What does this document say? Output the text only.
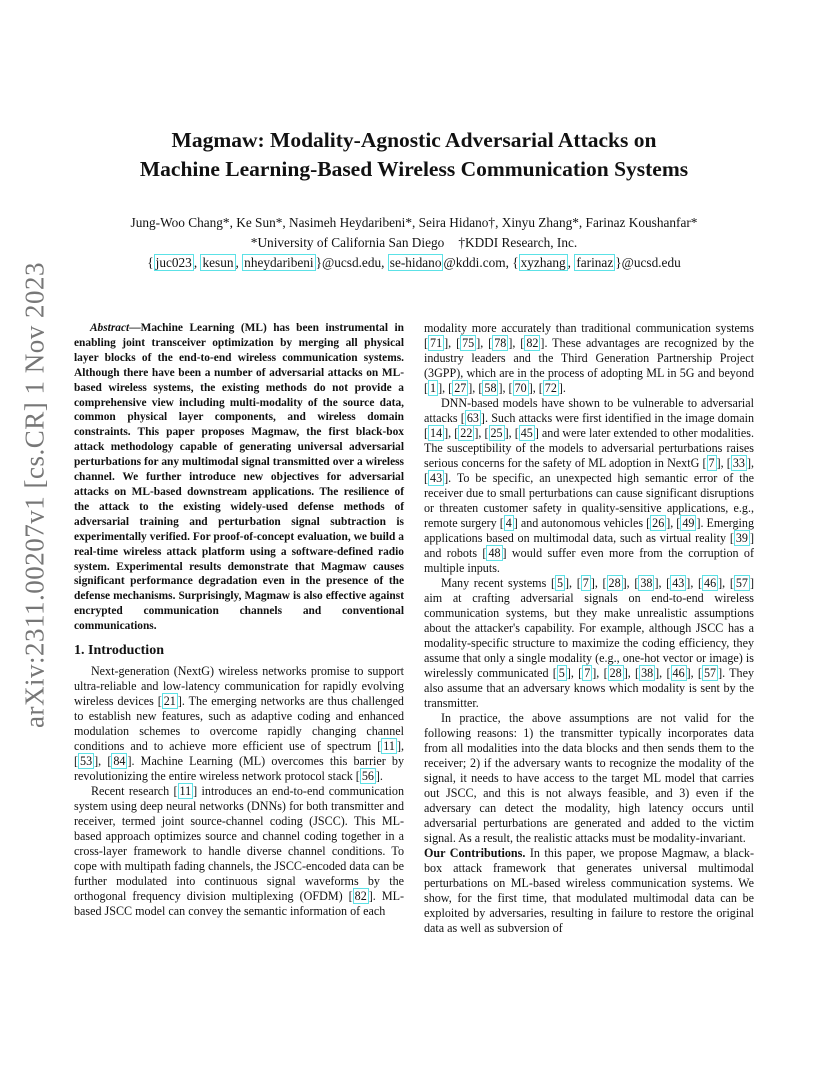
arXiv:2311.00207v1 [cs.CR] 1 Nov 2023
Magmaw: Modality-Agnostic Adversarial Attacks on
Machine Learning-Based Wireless Communication Systems
Jung-Woo Chang*, Ke Sun*, Nasimeh Heydaribeni*, Seira Hidano†, Xinyu Zhang*, Farinaz Koushanfar*
*University of California San Diego †KDDI Research, Inc.
{ juc023 , kesun , nheydaribeni }@ucsd.edu, se-hidano @kddi.com, { xyzhang , farinaz }@ucsd.edu

Abstract—Machine Learning (ML) has been instrumental in enabling joint transceiver optimization by merging all physical layer blocks of the end-to-end wireless communication systems. Although there have been a number of adversarial attacks on ML-based wireless systems, the existing methods do not provide a comprehensive view including multi-modality of the source data, common physical layer components, and wireless domain constraints. This paper proposes Magmaw, the first black-box attack methodology capable of generating universal adversarial perturbations for any multimodal signal transmitted over a wireless channel. We further introduce new objectives for adversarial attacks on ML-based downstream applications. The resilience of the attack to the existing widely-used defense methods of adversarial training and perturbation signal subtraction is experimentally verified. For proof-of-concept evaluation, we build a real-time wireless attack platform using a software-defined radio system. Experimental results demonstrate that Magmaw causes significant performance degradation even in the presence of the defense mechanisms. Surprisingly, Magmaw is also effective against encrypted communication channels and conventional communications.

1. Introduction

Next-generation (NextG) wireless networks promise to support ultra-reliable and low-latency communication for rapidly evolving wireless devices [ 21 ]. The emerging networks are thus challenged to establish new features, such as adaptive coding and enhanced modulation schemes to overcome rapidly changing channel conditions and to achieve more efficient use of spectrum [ 11 ], [ 53 ], [ 84 ]. Machine Learning (ML) overcomes this barrier by revolutionizing the entire wireless network protocol stack [ 56 ].

Recent research [ 11 ] introduces an end-to-end communication system using deep neural networks (DNNs) for both transmitter and receiver, termed joint source-channel coding (JSCC). This ML-based approach optimizes source and channel coding together in a cross-layer framework to handle diverse channel conditions. To cope with multipath fading channels, the JSCC-encoded data can be further modulated into continuous signal waveforms by the orthogonal frequency division multiplexing (OFDM) [ 82 ]. ML-based JSCC model can convey the semantic information of each

modality more accurately than traditional communication systems [ 71 ], [ 75 ], [ 78 ], [ 82 ]. These advantages are recognized by the industry leaders and the Third Generation Partnership Project (3GPP), which are in the process of adopting ML in 5G and beyond [ 1 ], [ 27 ], [ 58 ], [ 70 ], [ 72 ].

DNN-based models have shown to be vulnerable to adversarial attacks [ 63 ]. Such attacks were first identified in the image domain [ 14 ], [ 22 ], [ 25 ], [ 45 ] and were later extended to other modalities. The susceptibility of the models to adversarial perturbations raises serious concerns for the safety of ML adoption in NextG [ 7 ], [ 33 ], [ 43 ]. To be specific, an unexpected high semantic error of the receiver due to small perturbations can cause significant disruptions or threaten customer safety in quality-sensitive applications, e.g., remote surgery [ 4 ] and autonomous vehicles [ 26 ], [ 49 ]. Emerging applications based on multimodal data, such as virtual reality [ 39 ] and robots [ 48 ] would suffer even more from the corruption of multiple inputs.

Many recent systems [ 5 ], [ 7 ], [ 28 ], [ 38 ], [ 43 ], [ 46 ], [ 57 ] aim at crafting adversarial signals on end-to-end wireless communication systems, but they make unrealistic assumptions about the attacker's capability. For example, although JSCC has a modality-specific structure to maximize the coding efficiency, they assume that only a single modality (e.g., one-hot vector or image) is wirelessly communicated [ 5 ], [ 7 ], [ 28 ], [ 38 ], [ 46 ], [ 57 ]. They also assume that an adversary knows which modality is sent by the transmitter.

In practice, the above assumptions are not valid for the following reasons: 1) the transmitter typically incorporates data from all modalities into the data blocks and then sends them to the receiver; 2) if the adversary wants to recognize the modality of the signal, it needs to have access to the target ML model that carries out JSCC, and this is not always feasible, and 3) even if the adversary can detect the modality, high latency occurs until adversarial perturbations are generated and added to the victim signal. As a result, the realistic attacks must be modality-invariant.

Our Contributions. In this paper, we propose Magmaw, a black-box attack framework that generates universal multimodal perturbations on ML-based wireless communication systems. We show, for the first time, that modulated multimodal data can be exploited by adversaries, resulting in failure to restore the original data as well as subversion of
